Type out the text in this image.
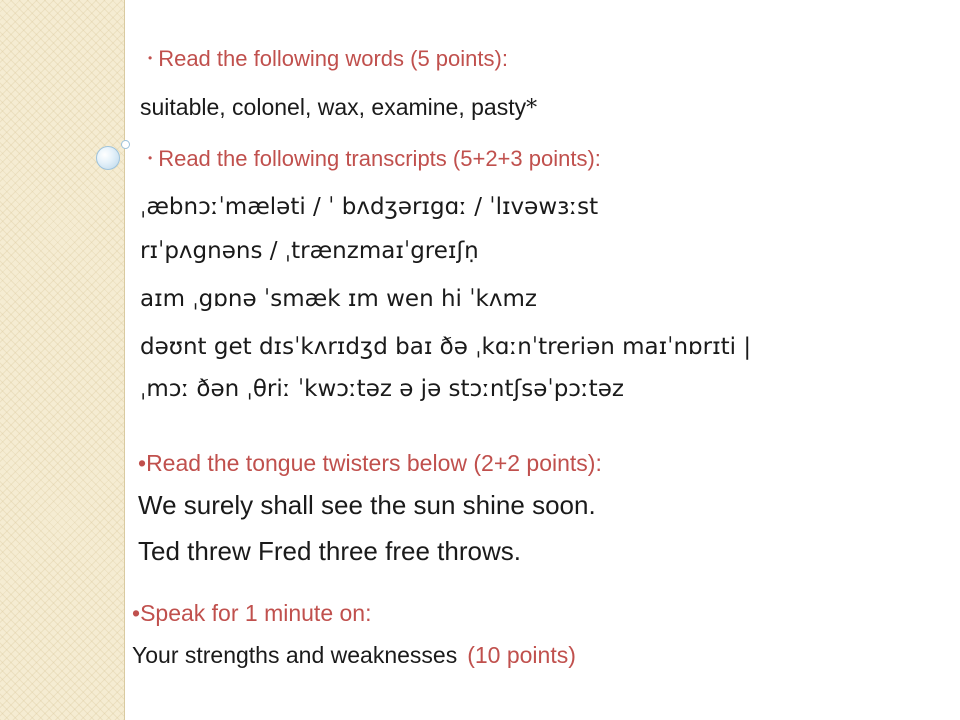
• Read the following words (5 points):

suitable, colonel, wax, examine, pasty*

• Read the following transcripts (5+2+3 points):

ˌæbnɔːˈmæləti / ˈ bʌdʒərɪgɑː / ˈlɪvəwɜːst

rɪˈpʌgnəns / ˌtrænzmaɪˈgreɪʃṇ

aɪm ˌgɒnə ˈsmæk ɪm wen hi ˈkʌmz

dəʊnt get dɪsˈkʌrɪdʒd baɪ ðə ˌkɑːnˈtreriən maɪˈnɒrɪti |

ˌmɔː ðən ˌθriː ˈkwɔːtəz ə jə stɔːntʃsəˈpɔːtəz

•Read the tongue twisters below (2+2 points):

We surely shall see the sun shine soon.

Ted threw Fred three free throws.

•Speak for 1 minute on:

Your strengths and weaknesses (10 points)
